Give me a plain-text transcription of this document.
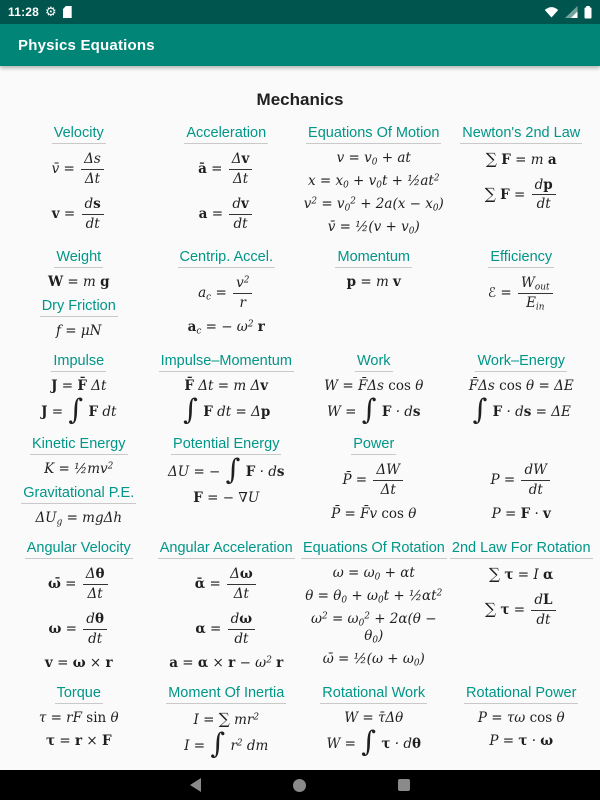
11:28 ⚙
Physics Equations
Mechanics
Velocity
v̄ = $\frac{\Delta s}{\Delta t}$
$v = \frac{ds}{dt}$
Acceleration
ā = $\frac{\Delta v}{\Delta t}$
$a = \frac{dv}{dt}$
Equations Of Motion
$v = v_0$ + at
$x = x_0 + v_0t$ + $\frac{1}{2}at^2$
$v^2 = v_0^2 + 2a(x - x_0)$
v̄ = ½(v + $v_0$)
Newton's 2nd Law
∑ F = m a
∑ $F = \frac{dp}{dt}$
Weight
W = m g
Dry Friction
f = μN
Centrip. Accel.
$a_c = \frac{v^2}{r}$
$a_c$ = − $\omega^2$ r
Momentum
p = m v
Efficiency
ℰ = $\frac{W_{out}}{E_{in}}$
Impulse
J = F̄ Δt
J = ∫ F dt
Impulse–Momentum
F̄ Δt = m Δv
∫ F dt = Δp
Work
W = F̄Δs cos θ
W = ∫ F · ds
Work–Energy
F̄Δs cos θ = ΔE
∫ F · ds = ΔE
Kinetic Energy
$K = \frac{1}{2}mv^2$
Gravitational P.E.
$\Delta U_g = mg\Delta h$
Potential Energy
ΔU = − ∫ F · ds
F = − ∇U
Power
P̄ = $\frac{\Delta W}{\Delta t}$
P̄ = F̄v cos θ
$P = \frac{dW}{dt}$
P = F · v
Angular Velocity
ω̄ = $\frac{\Delta\theta}{\Delta t}$
$\omega = \frac{d\theta}{dt}$
v = ω × r
Angular Acceleration
ᾱ = $\frac{\Delta\omega}{\Delta t}$
$\alpha = \frac{d\omega}{dt}$
$a = \alpha \times r - \omega^2$ r
Equations Of Rotation
$\omega = \omega_0 + \alpha t$
$\theta = \theta_0 + \omega_0t$ + $\frac{1}{2}\alpha t^2$
$\omega^2 = \omega_0^2 + 2\alpha(\theta - \theta_0)$
ω̄ = ½(ω + $\omega_0$)
2nd Law For Rotation
∑ τ = I α
∑ $\tau = \frac{dL}{dt}$
Torque
τ = rF sin θ
τ = r × F
Moment Of Inertia
I = ∑ $mr^2$
I = ∫ $r^2$ dm
Rotational Work
W = τ̄Δθ
W = ∫ τ · dθ
Rotational Power
P = τω cos θ
P = τ · ω
